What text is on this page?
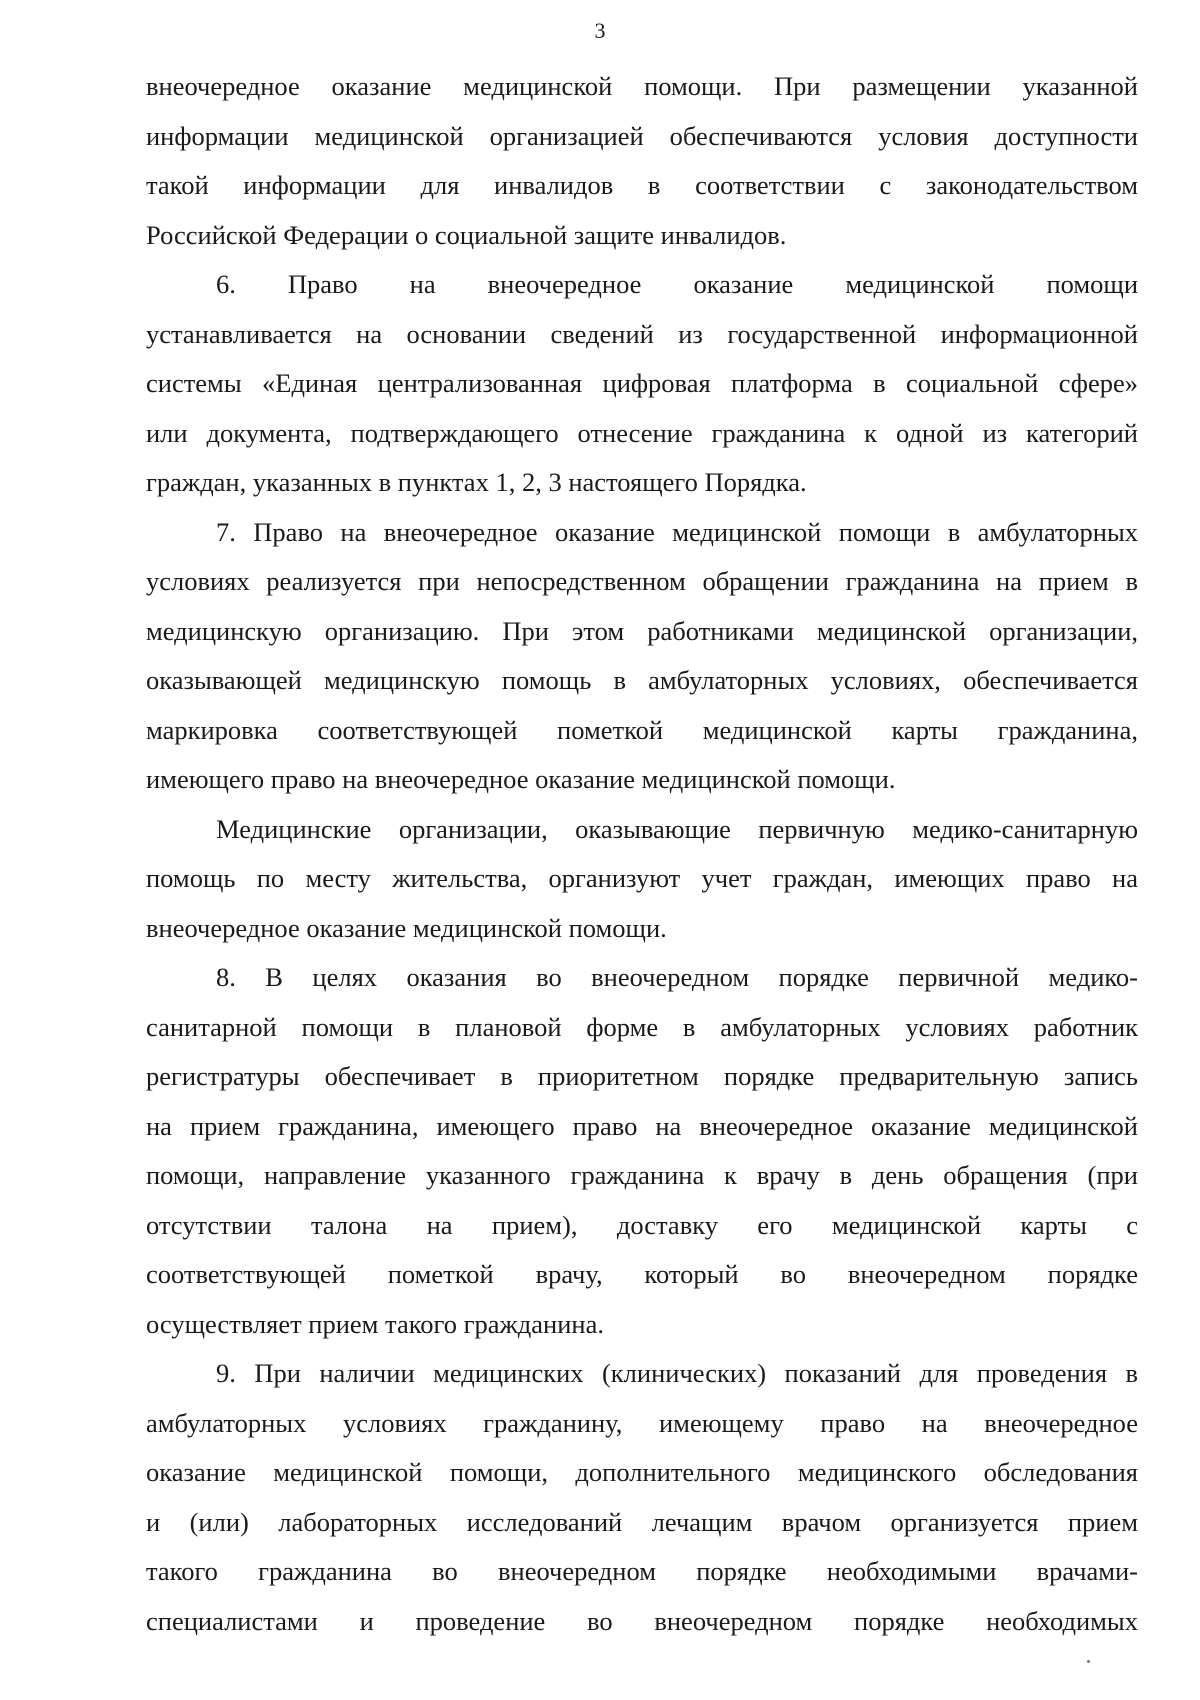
3
внеочередное оказание медицинской помощи. При размещении указанной
информации медицинской организацией обеспечиваются условия доступности
такой информации для инвалидов в соответствии с законодательством
Российской Федерации о социальной защите инвалидов.
6. Право на внеочередное оказание медицинской помощи
устанавливается на основании сведений из государственной информационной
системы «Единая централизованная цифровая платформа в социальной сфере»
или документа, подтверждающего отнесение гражданина к одной из категорий
граждан, указанных в пунктах 1, 2, 3 настоящего Порядка.
7. Право на внеочередное оказание медицинской помощи в амбулаторных
условиях реализуется при непосредственном обращении гражданина на прием в
медицинскую организацию. При этом работниками медицинской организации,
оказывающей медицинскую помощь в амбулаторных условиях, обеспечивается
маркировка соответствующей пометкой медицинской карты гражданина,
имеющего право на внеочередное оказание медицинской помощи.
Медицинские организации, оказывающие первичную медико-санитарную
помощь по месту жительства, организуют учет граждан, имеющих право на
внеочередное оказание медицинской помощи.
8. В целях оказания во внеочередном порядке первичной медико-
санитарной помощи в плановой форме в амбулаторных условиях работник
регистратуры обеспечивает в приоритетном порядке предварительную запись
на прием гражданина, имеющего право на внеочередное оказание медицинской
помощи, направление указанного гражданина к врачу в день обращения (при
отсутствии талона на прием), доставку его медицинской карты с
соответствующей пометкой врачу, который во внеочередном порядке
осуществляет прием такого гражданина.
9. При наличии медицинских (клинических) показаний для проведения в
амбулаторных условиях гражданину, имеющему право на внеочередное
оказание медицинской помощи, дополнительного медицинского обследования
и (или) лабораторных исследований лечащим врачом организуется прием
такого гражданина во внеочередном порядке необходимыми врачами-
специалистами и проведение во внеочередном порядке необходимых
